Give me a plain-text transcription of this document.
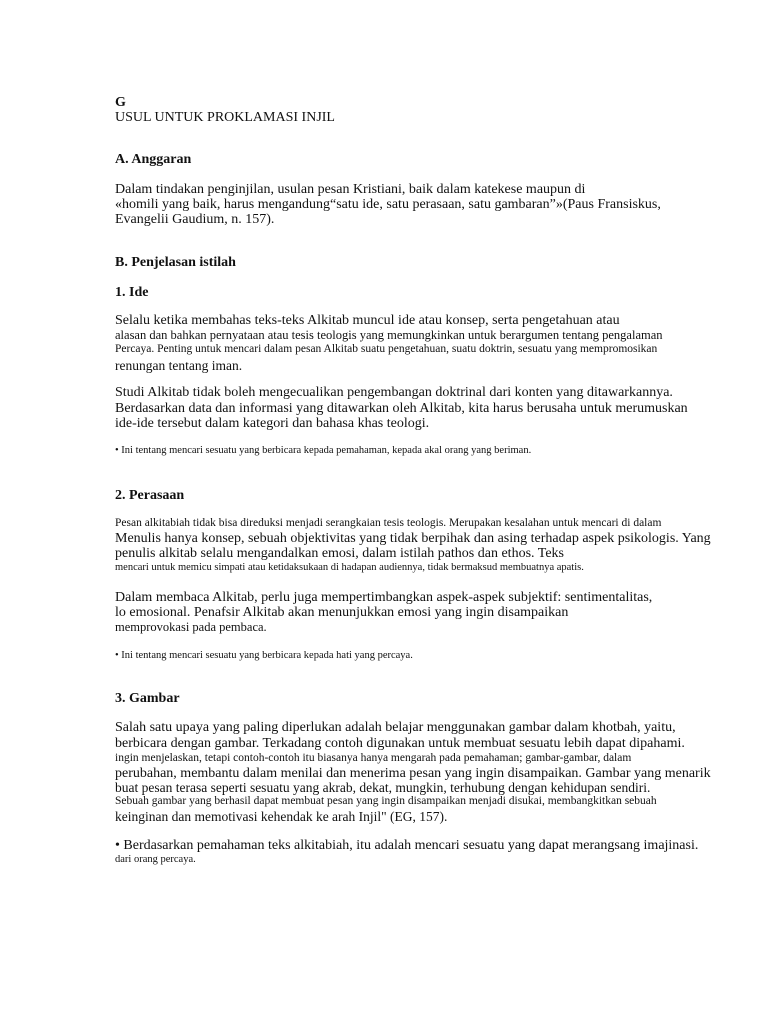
G
USUL UNTUK PROKLAMASI INJIL
A. Anggaran
Dalam tindakan penginjilan, usulan pesan Kristiani, baik dalam katekese maupun di
«homili yang baik, harus mengandung“satu ide, satu perasaan, satu gambaran”»(Paus Fransiskus,
Evangelii Gaudium, n. 157).
B. Penjelasan istilah
1. Ide
Selalu ketika membahas teks-teks Alkitab muncul ide atau konsep, serta pengetahuan atau
alasan dan bahkan pernyataan atau tesis teologis yang memungkinkan untuk berargumen tentang pengalaman
Percaya. Penting untuk mencari dalam pesan Alkitab suatu pengetahuan, suatu doktrin, sesuatu yang mempromosikan
renungan tentang iman.
Studi Alkitab tidak boleh mengecualikan pengembangan doktrinal dari konten yang ditawarkannya.
Berdasarkan data dan informasi yang ditawarkan oleh Alkitab, kita harus berusaha untuk merumuskan
ide-ide tersebut dalam kategori dan bahasa khas teologi.
• Ini tentang mencari sesuatu yang berbicara kepada pemahaman, kepada akal orang yang beriman.
2. Perasaan
Pesan alkitabiah tidak bisa direduksi menjadi serangkaian tesis teologis. Merupakan kesalahan untuk mencari di dalam
Menulis hanya konsep, sebuah objektivitas yang tidak berpihak dan asing terhadap aspek psikologis. Yang
penulis alkitab selalu mengandalkan emosi, dalam istilah pathos dan ethos. Teks
mencari untuk memicu simpati atau ketidaksukaan di hadapan audiennya, tidak bermaksud membuatnya apatis.
Dalam membaca Alkitab, perlu juga mempertimbangkan aspek-aspek subjektif: sentimentalitas,
lo emosional. Penafsir Alkitab akan menunjukkan emosi yang ingin disampaikan
memprovokasi pada pembaca.
• Ini tentang mencari sesuatu yang berbicara kepada hati yang percaya.
3. Gambar
Salah satu upaya yang paling diperlukan adalah belajar menggunakan gambar dalam khotbah, yaitu,
berbicara dengan gambar. Terkadang contoh digunakan untuk membuat sesuatu lebih dapat dipahami.
ingin menjelaskan, tetapi contoh-contoh itu biasanya hanya mengarah pada pemahaman; gambar-gambar, dalam
perubahan, membantu dalam menilai dan menerima pesan yang ingin disampaikan. Gambar yang menarik
buat pesan terasa seperti sesuatu yang akrab, dekat, mungkin, terhubung dengan kehidupan sendiri.
Sebuah gambar yang berhasil dapat membuat pesan yang ingin disampaikan menjadi disukai, membangkitkan sebuah
keinginan dan memotivasi kehendak ke arah Injil" (EG, 157).
• Berdasarkan pemahaman teks alkitabiah, itu adalah mencari sesuatu yang dapat merangsang imajinasi.
dari orang percaya.
